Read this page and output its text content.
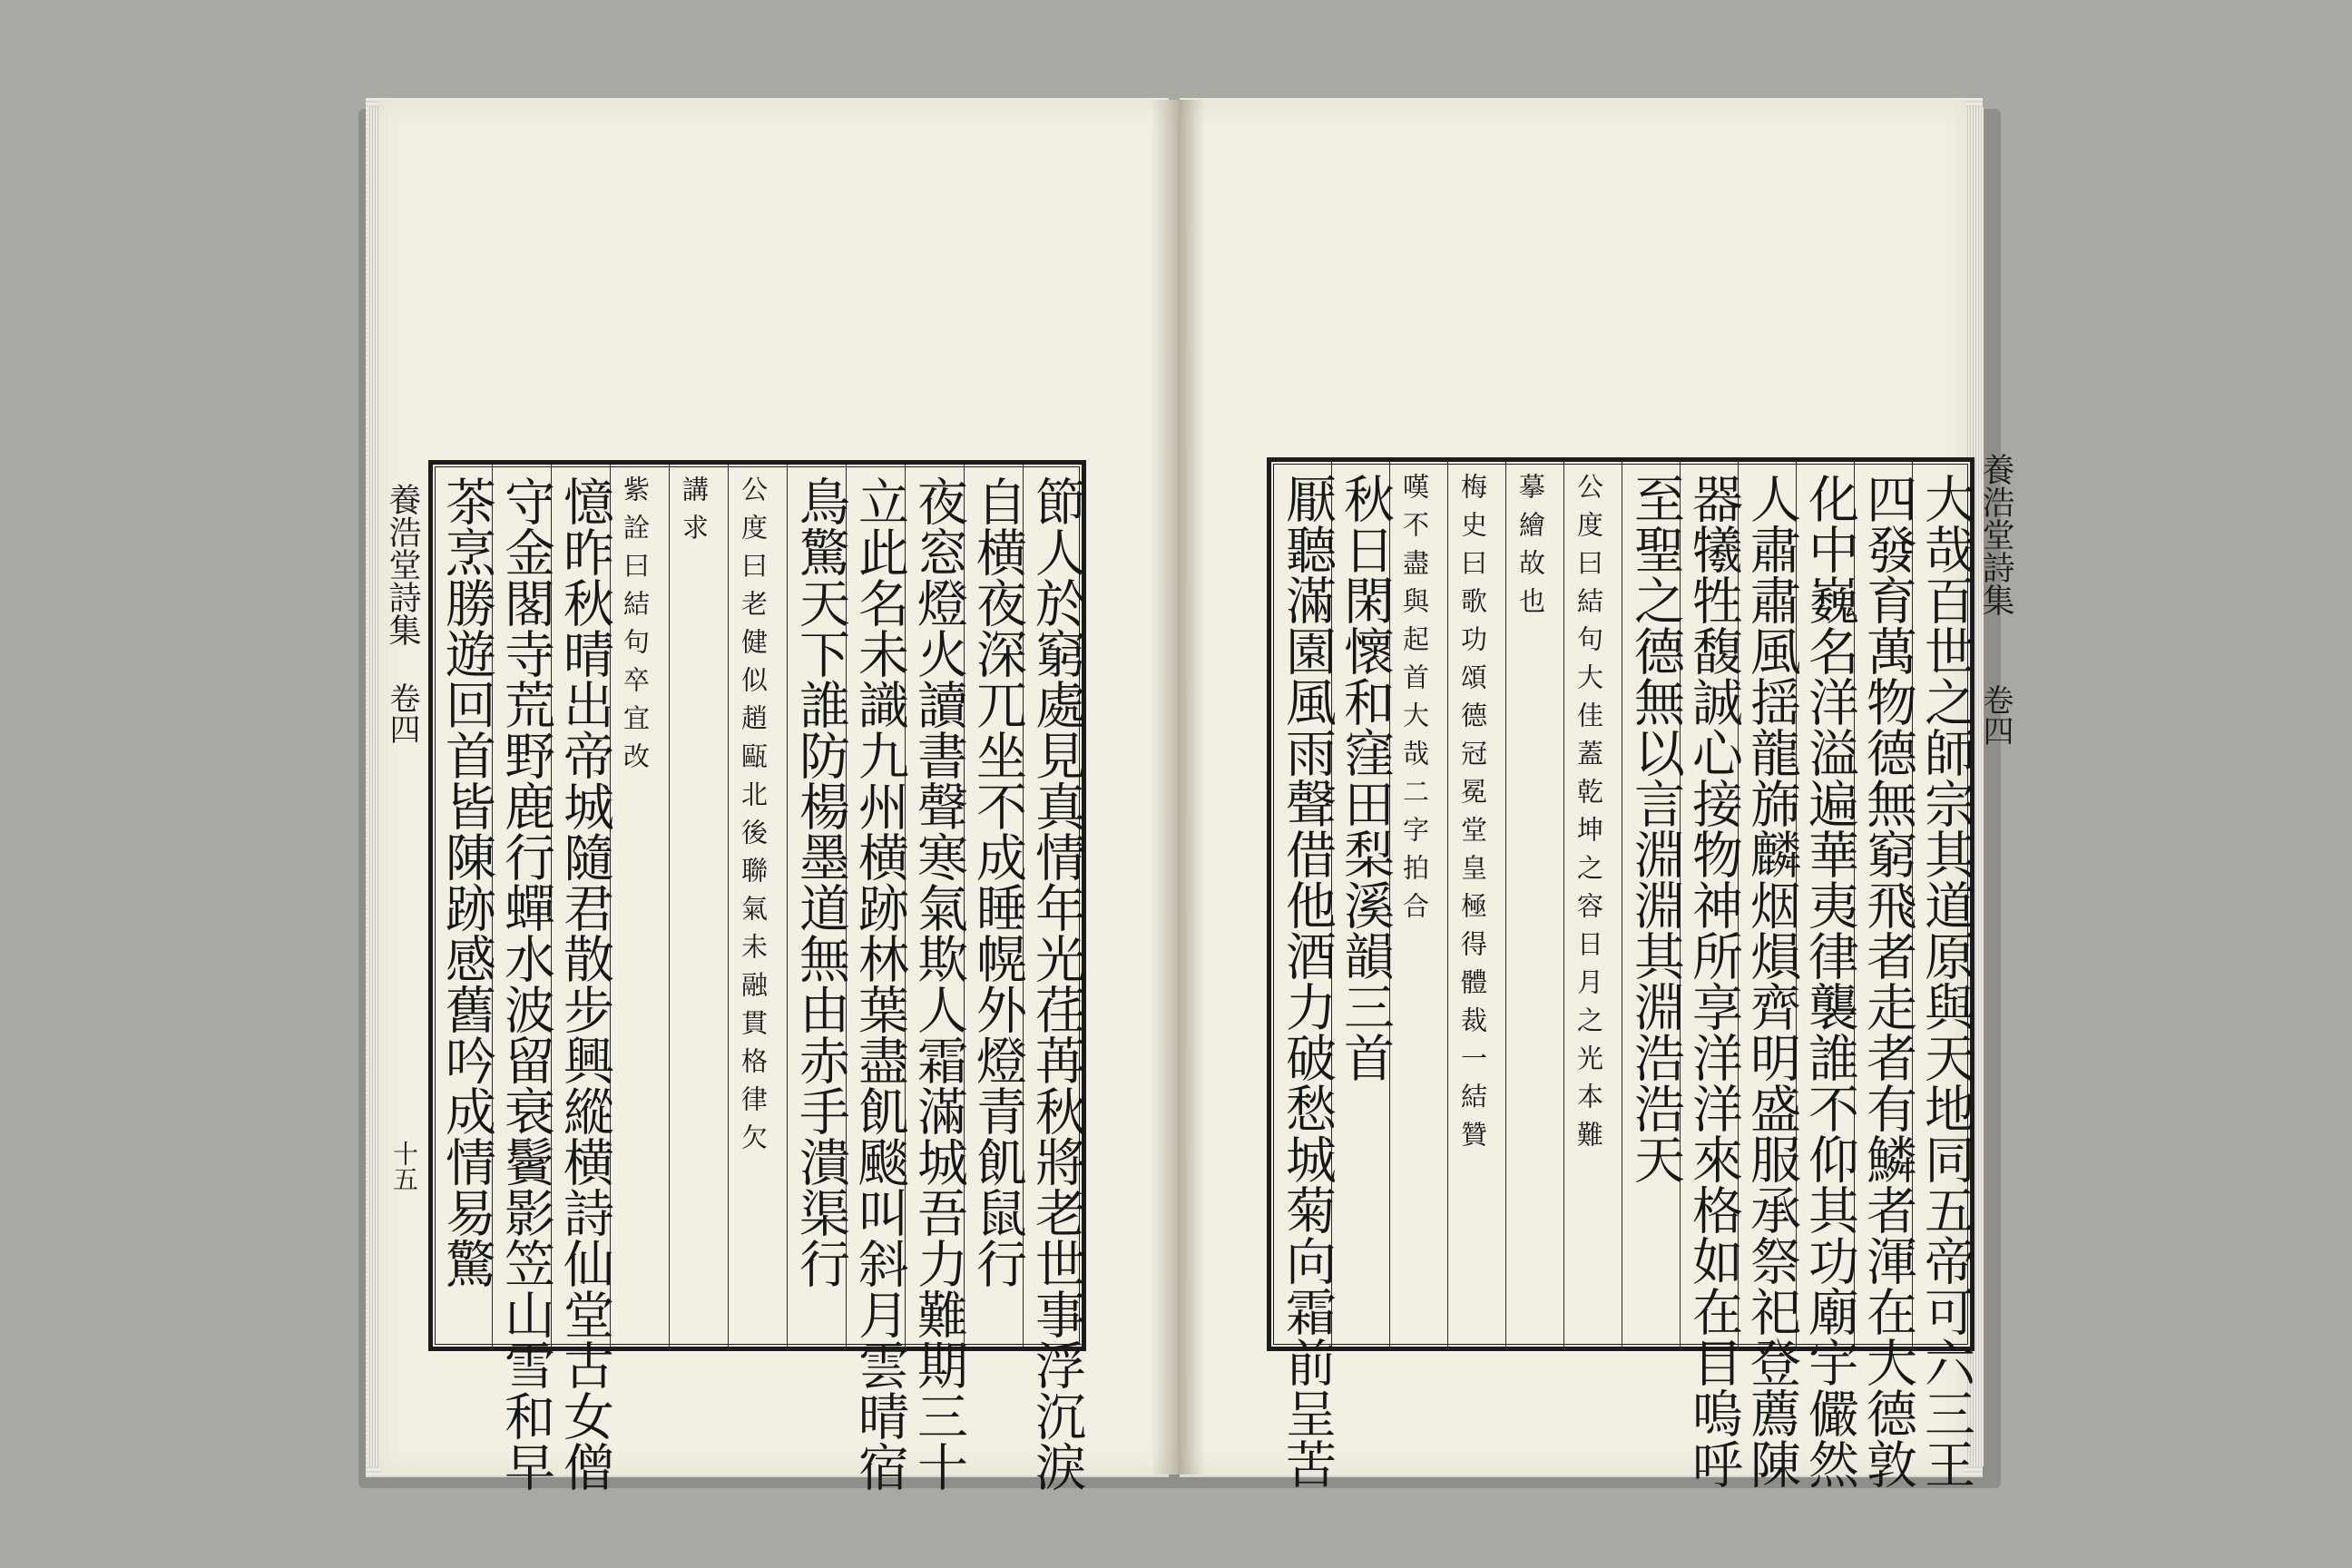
養浩堂詩集
卷四
十五	節人於窮處見真情年光荏苒秋將老世事浮沉淚
自横夜深兀坐不成睡幌外燈青飢鼠行
夜窓燈火讀書聲寒氣欺人霜滿城吾力難期三十
立此名未識九州横跡林葉盡飢颷叫斜月雲晴宿
鳥驚天下誰防楊墨道無由赤手潰渠行
公度曰老健似趙甌北後聯氣未融貫格律欠
講求
紫詮曰結句卒宜改
憶昨秋晴出帝城隨君散步興縱横詩仙堂古女僧
守金閣寺荒野鹿行蟬水波留衰鬢影笠山雪和早
茶烹勝遊回首皆陳跡感舊吟成情易驚	養浩堂詩集
卷四
大哉百世之師宗其道原與天地同五帝可六三王
四發育萬物德無窮飛者走者有鱗者渾在大德敦
化中巍名洋溢遍華夷律襲誰不仰其功廟宇儼然
人肅肅風揺龍旆麟烟熉齊明盛服承祭祀登薦陳
器犧牲馥誠心接物神所享洋洋來格如在目嗚呼
至聖之德無以言淵淵其淵浩浩天
公度曰結句大佳蓋乾坤之容日月之光本難
摹繪故也
梅史曰歌功頌德冠冕堂皇極得體裁一結贊
嘆不盡與起首大哉二字拍合
秋日閑懷和窪田梨溪韻三首
厭聽滿園風雨聲借他酒力破愁城菊向霜前呈苦
